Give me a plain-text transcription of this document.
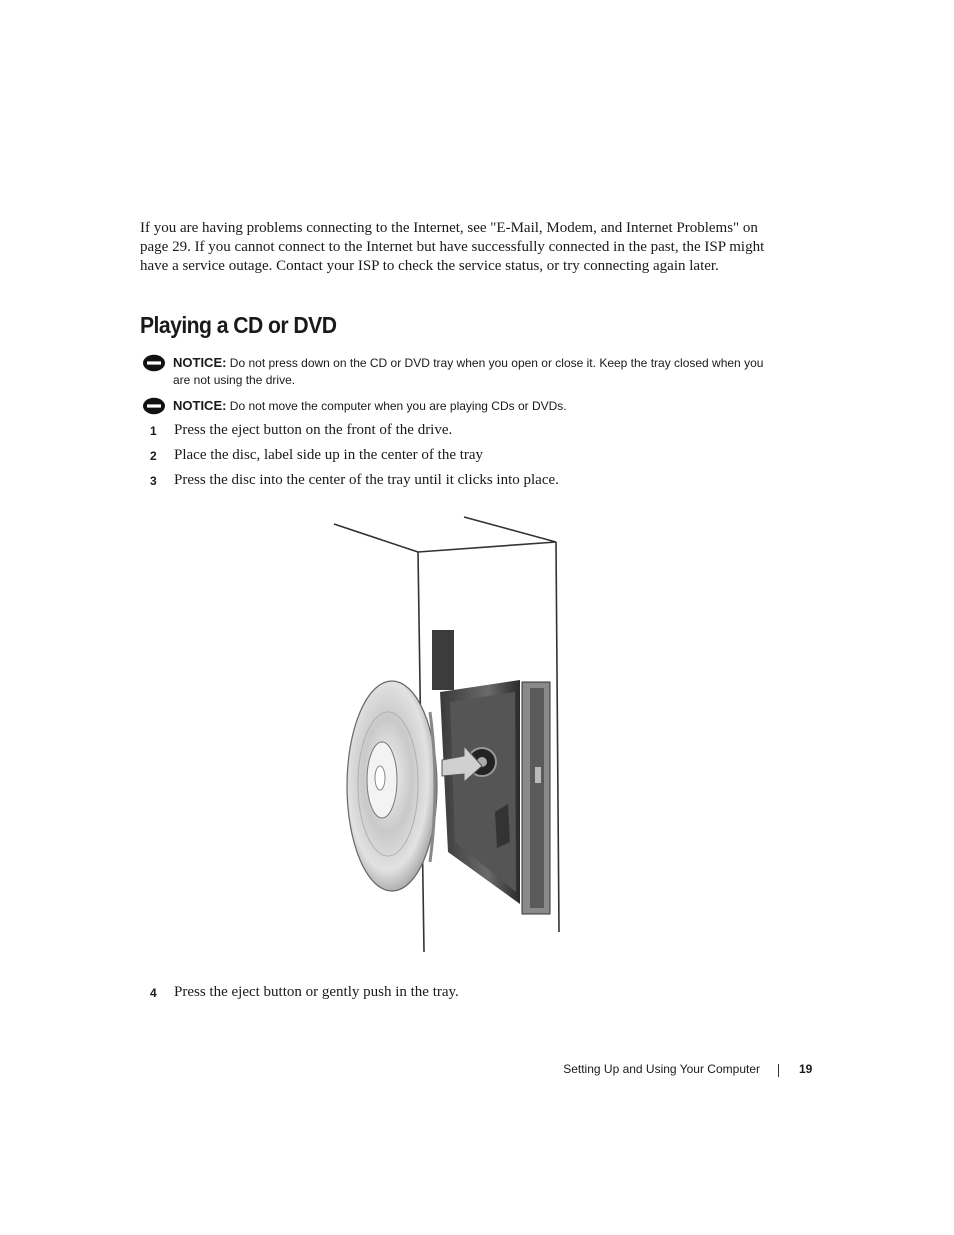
If you are having problems connecting to the Internet, see "E-Mail, Modem, and Internet Problems" on page 29. If you cannot connect to the Internet but have successfully connected in the past, the ISP might have a service outage. Contact your ISP to check the service status, or try connecting again later.

Playing a CD or DVD
NOTICE: Do not press down on the CD or DVD tray when you open or close it. Keep the tray closed when you are not using the drive.
NOTICE: Do not move the computer when you are playing CDs or DVDs.
1	Press the eject button on the front of the drive.
2	Place the disc, label side up in the center of the tray
3	Press the disc into the center of the tray until it clicks into place.
4	Press the eject button or gently push in the tray.
Setting Up and Using Your Computer	19
